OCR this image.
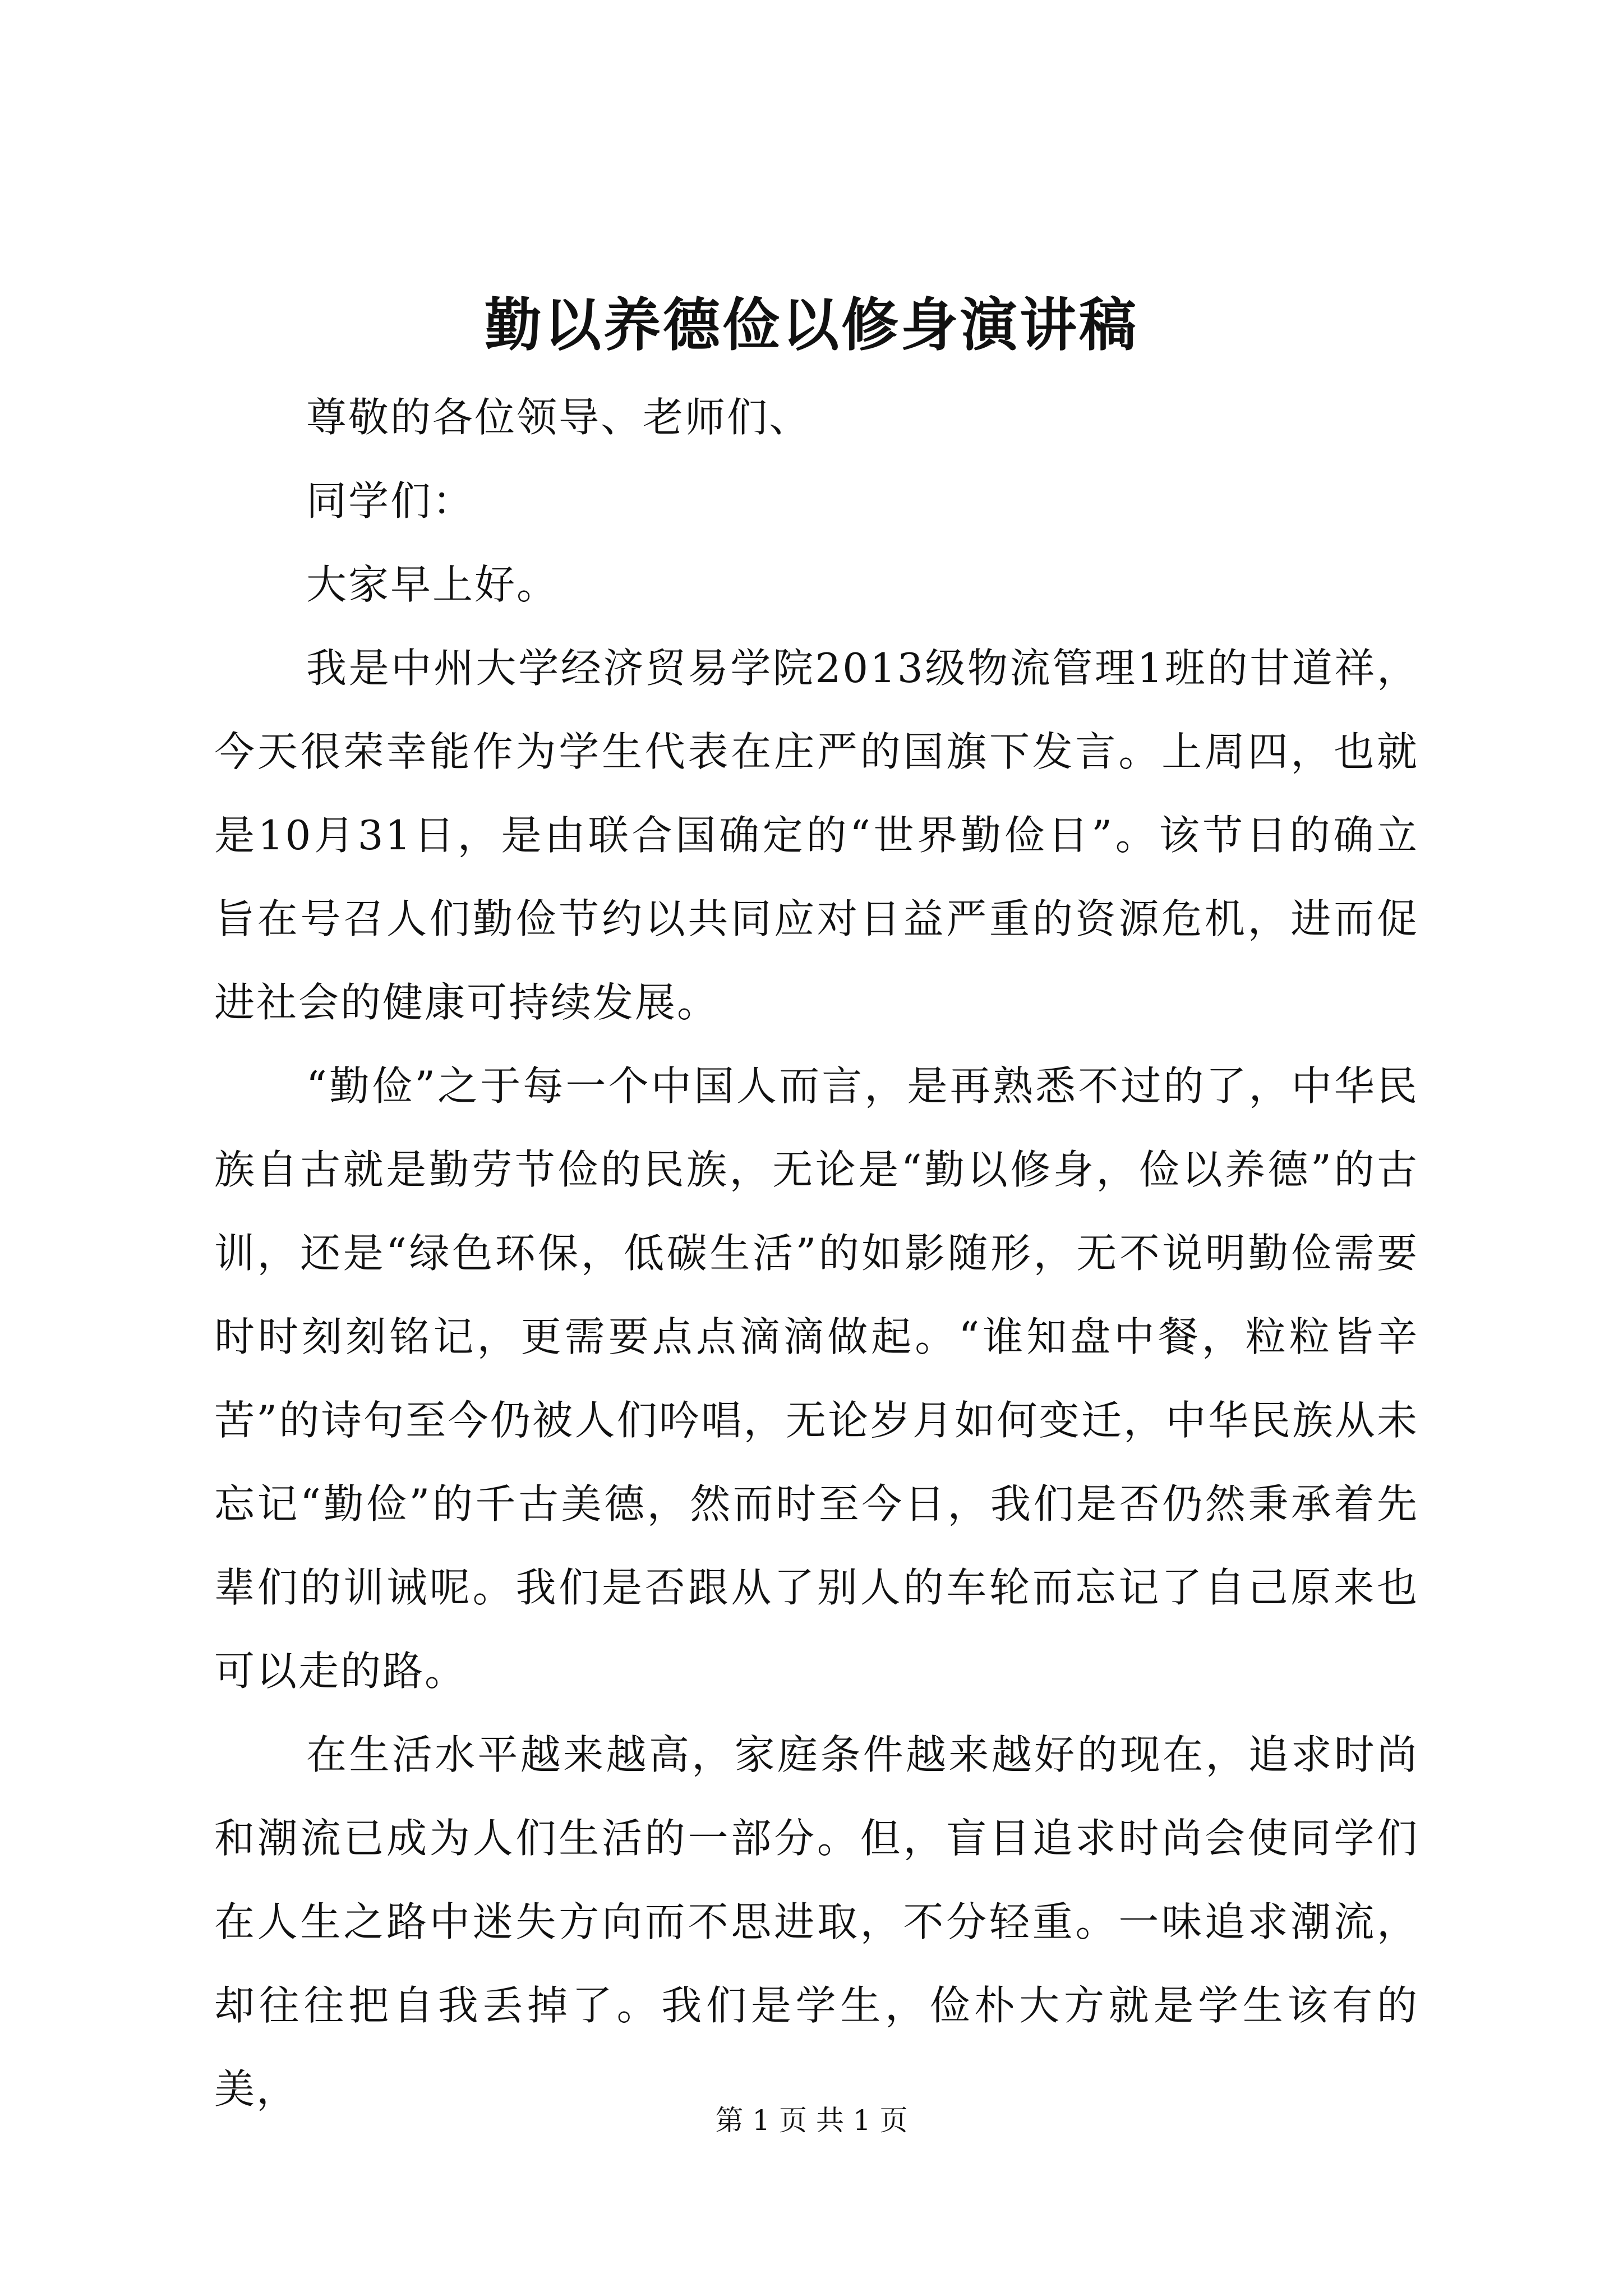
勤以养德俭以修身演讲稿

尊敬的各位领导、老师们、

同学们：

大家早上好。

我是中州大学经济贸易学院2013级物流管理1班的甘道祥，今天很荣幸能作为学生代表在庄严的国旗下发言。上周四，也就是10月31日，是由联合国确定的“世界勤俭日”。该节日的确立旨在号召人们勤俭节约以共同应对日益严重的资源危机，进而促进社会的健康可持续发展。

“勤俭”之于每一个中国人而言，是再熟悉不过的了，中华民族自古就是勤劳节俭的民族，无论是“勤以修身，俭以养德”的古训，还是“绿色环保，低碳生活”的如影随形，无不说明勤俭需要时时刻刻铭记，更需要点点滴滴做起。“谁知盘中餐，粒粒皆辛苦”的诗句至今仍被人们吟唱，无论岁月如何变迁，中华民族从未忘记“勤俭”的千古美德，然而时至今日，我们是否仍然秉承着先辈们的训诫呢。我们是否跟从了别人的车轮而忘记了自己原来也可以走的路。

在生活水平越来越高，家庭条件越来越好的现在，追求时尚和潮流已成为人们生活的一部分。但，盲目追求时尚会使同学们在人生之路中迷失方向而不思进取，不分轻重。一味追求潮流，却往往把自我丢掉了。我们是学生，俭朴大方就是学生该有的美，

第 1 页 共 1 页
